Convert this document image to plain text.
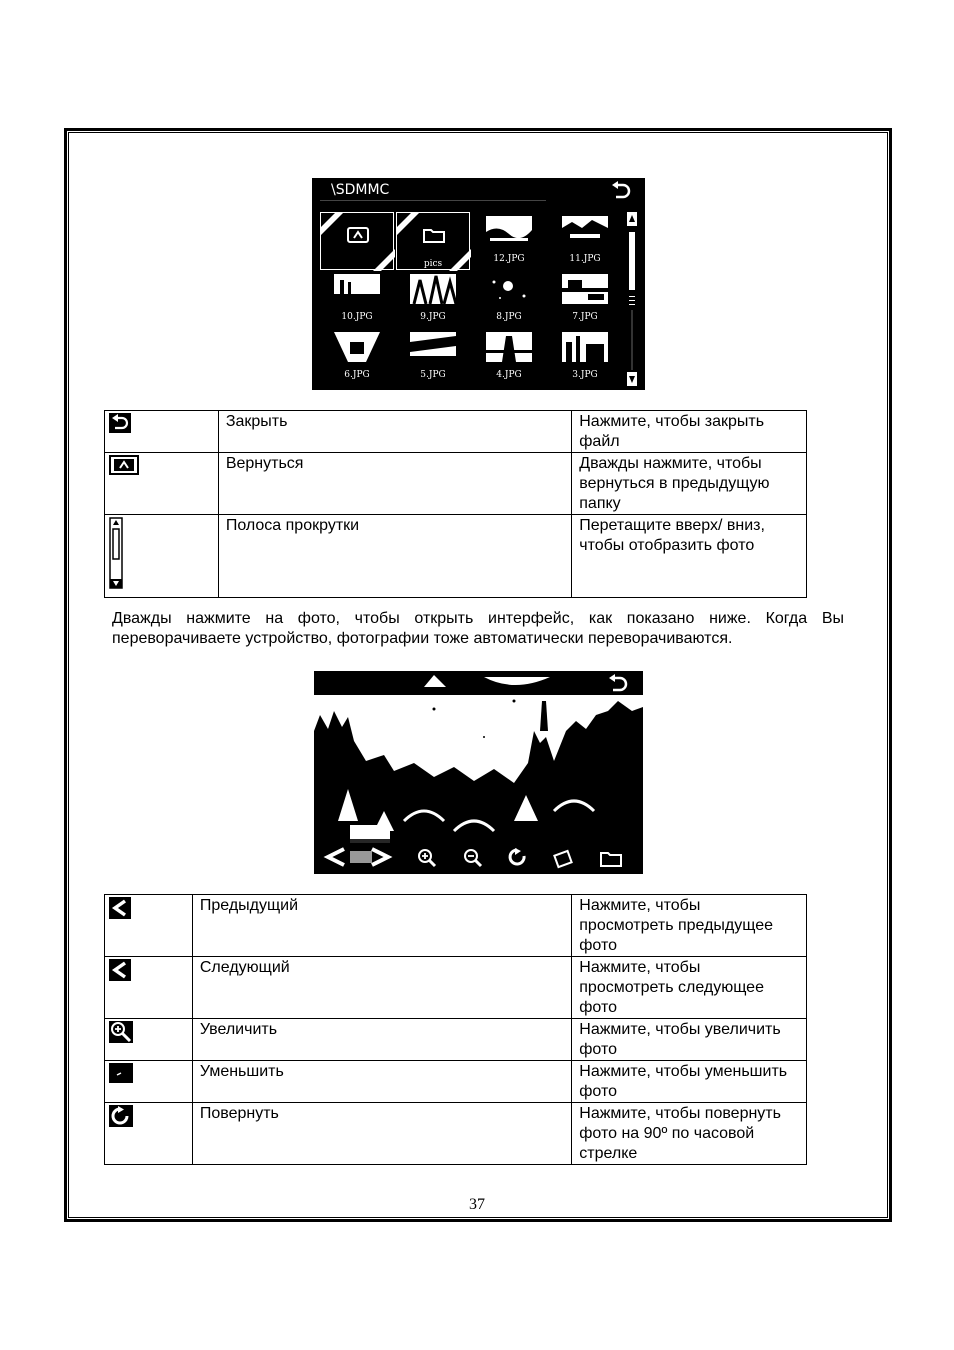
\SDMMC
pics	12.JPG	11.JPG
10.JPG	9.JPG	8.JPG	7.JPG
6.JPG	5.JPG	4.JPG	3.JPG
	Закрыть	Нажмите, чтобы закрыть файл
	Вернуться	Дважды нажмите, чтобы вернуться в предыдущую папку
	Полоса прокрутки	Перетащите вверх/ вниз, чтобы отобразить фото
Дважды нажмите на фото, чтобы открыть интерфейс, как показано ниже. Когда Вы переворачиваете устройство, фотографии тоже автоматически переворачиваются.
	Предыдущий	Нажмите, чтобы просмотреть предыдущее фото
	Следующий	Нажмите, чтобы просмотреть следующее фото
	Увеличить	Нажмите, чтобы увеличить фото
	Уменьшить	Нажмите, чтобы уменьшить фото
	Повернуть	Нажмите, чтобы повернуть фото на 90º по часовой стрелке
37
